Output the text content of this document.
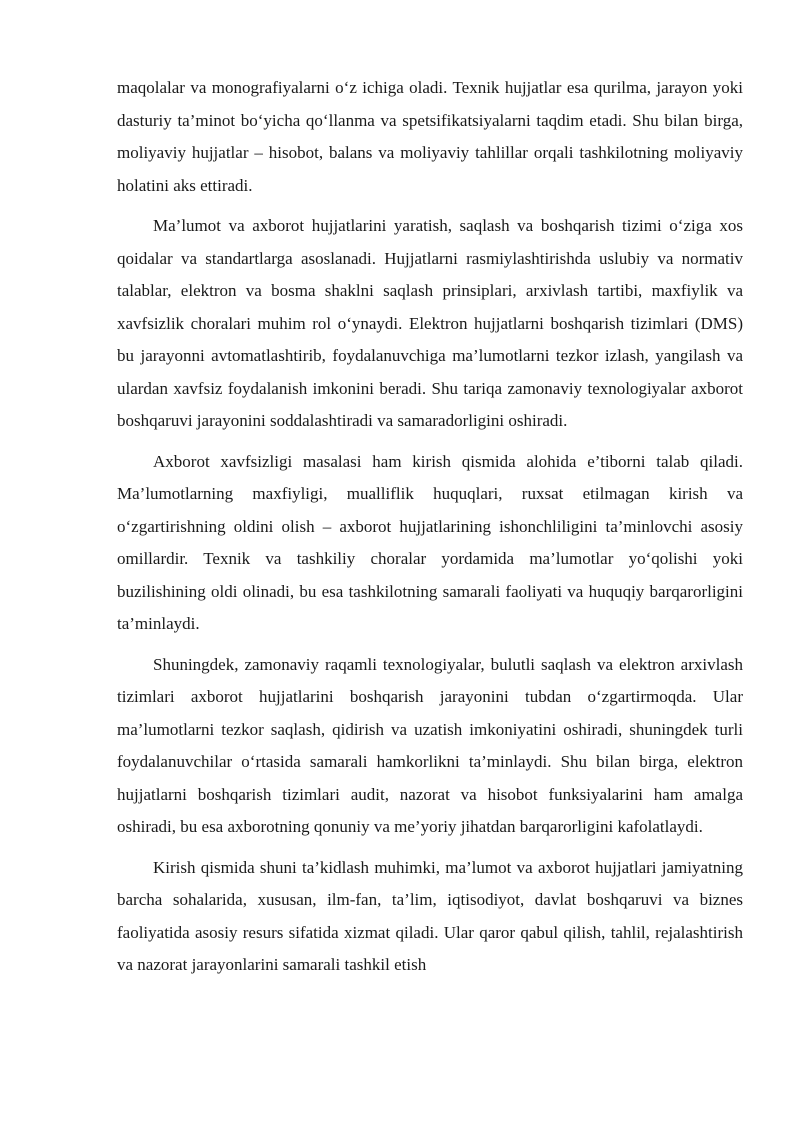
maqolalar va monografiyalarni o‘z ichiga oladi. Texnik hujjatlar esa qurilma, jarayon yoki dasturiy ta’minot bo‘yicha qo‘llanma va spetsifikatsiyalarni taqdim etadi. Shu bilan birga, moliyaviy hujjatlar – hisobot, balans va moliyaviy tahlillar orqali tashkilotning moliyaviy holatini aks ettiradi.

Ma’lumot va axborot hujjatlarini yaratish, saqlash va boshqarish tizimi o‘ziga xos qoidalar va standartlarga asoslanadi. Hujjatlarni rasmiylashtirishda uslubiy va normativ talablar, elektron va bosma shaklni saqlash prinsiplari, arxivlash tartibi, maxfiylik va xavfsizlik choralari muhim rol o‘ynaydi. Elektron hujjatlarni boshqarish tizimlari (DMS) bu jarayonni avtomatlashtirib, foydalanuvchiga ma’lumotlarni tezkor izlash, yangilash va ulardan xavfsiz foydalanish imkonini beradi. Shu tariqa zamonaviy texnologiyalar axborot boshqaruvi jarayonini soddalashtiradi va samaradorligini oshiradi.

Axborot xavfsizligi masalasi ham kirish qismida alohida e’tiborni talab qiladi. Ma’lumotlarning maxfiyligi, mualliflik huquqlari, ruxsat etilmagan kirish va o‘zgartirishning oldini olish – axborot hujjatlarining ishonchliligini ta’minlovchi asosiy omillardir. Texnik va tashkiliy choralar yordamida ma’lumotlar yo‘qolishi yoki buzilishining oldi olinadi, bu esa tashkilotning samarali faoliyati va huquqiy barqarorligini ta’minlaydi.

Shuningdek, zamonaviy raqamli texnologiyalar, bulutli saqlash va elektron arxivlash tizimlari axborot hujjatlarini boshqarish jarayonini tubdan o‘zgartirmoqda. Ular ma’lumotlarni tezkor saqlash, qidirish va uzatish imkoniyatini oshiradi, shuningdek turli foydalanuvchilar o‘rtasida samarali hamkorlikni ta’minlaydi. Shu bilan birga, elektron hujjatlarni boshqarish tizimlari audit, nazorat va hisobot funksiyalarini ham amalga oshiradi, bu esa axborotning qonuniy va me’yoriy jihatdan barqarorligini kafolatlaydi.

Kirish qismida shuni ta’kidlash muhimki, ma’lumot va axborot hujjatlari jamiyatning barcha sohalarida, xususan, ilm-fan, ta’lim, iqtisodiyot, davlat boshqaruvi va biznes faoliyatida asosiy resurs sifatida xizmat qiladi. Ular qaror qabul qilish, tahlil, rejalashtirish va nazorat jarayonlarini samarali tashkil etish
